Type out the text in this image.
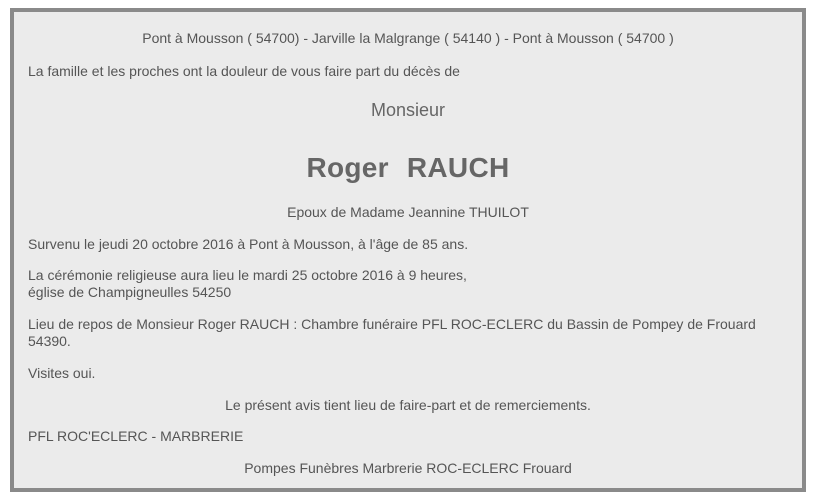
Pont à Mousson ( 54700) - Jarville la Malgrange ( 54140 ) - Pont à Mousson ( 54700 )
La famille et les proches ont la douleur de vous faire part du décès de
Monsieur
Roger RAUCH
Epoux de Madame Jeannine THUILOT
Survenu le jeudi 20 octobre 2016 à Pont à Mousson, à l'âge de 85 ans.
La cérémonie religieuse aura lieu le mardi 25 octobre 2016 à 9 heures,
église de Champigneulles 54250
Lieu de repos de Monsieur Roger RAUCH : Chambre funéraire PFL ROC-ECLERC du Bassin de Pompey de Frouard
54390.
Visites oui.
Le présent avis tient lieu de faire-part et de remerciements.
PFL ROC'ECLERC - MARBRERIE
Pompes Funèbres Marbrerie ROC-ECLERC Frouard
